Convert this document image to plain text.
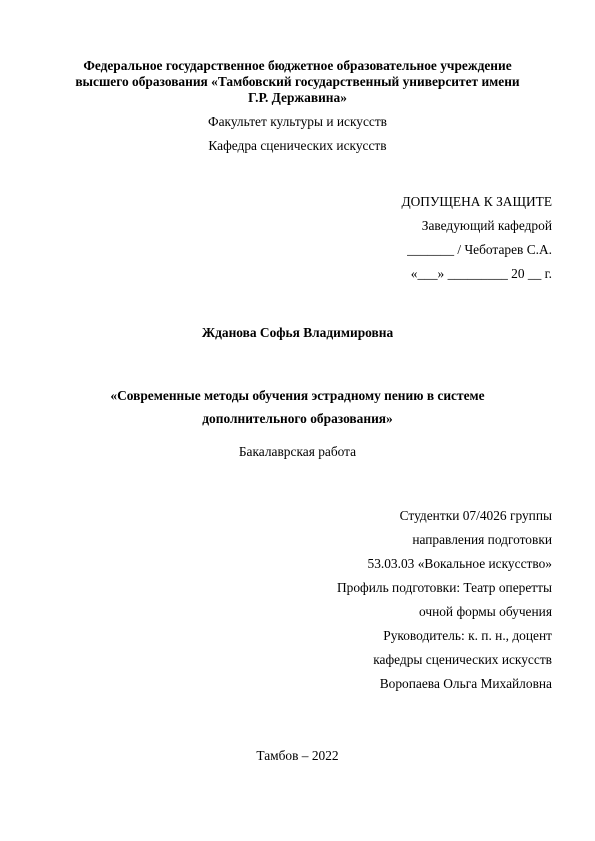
Федеральное государственное бюджетное образовательное учреждение
высшего образования «Тамбовский государственный университет имени
Г.Р. Державина»
Факультет культуры и искусств
Кафедра сценических искусств
ДОПУЩЕНА К ЗАЩИТЕ
Заведующий кафедрой
_______ / Чеботарев С.А.
«___» _________ 20 __ г.
Жданова Софья Владимировна
«Современные методы обучения эстрадному пению в системе
дополнительного образования»
Бакалаврская работа
Студентки 07/4026 группы
направления подготовки
53.03.03 «Вокальное искусство»
Профиль подготовки: Театр оперетты
очной формы обучения
Руководитель: к. п. н., доцент
кафедры сценических искусств
Воропаева Ольга Михайловна
Тамбов – 2022
